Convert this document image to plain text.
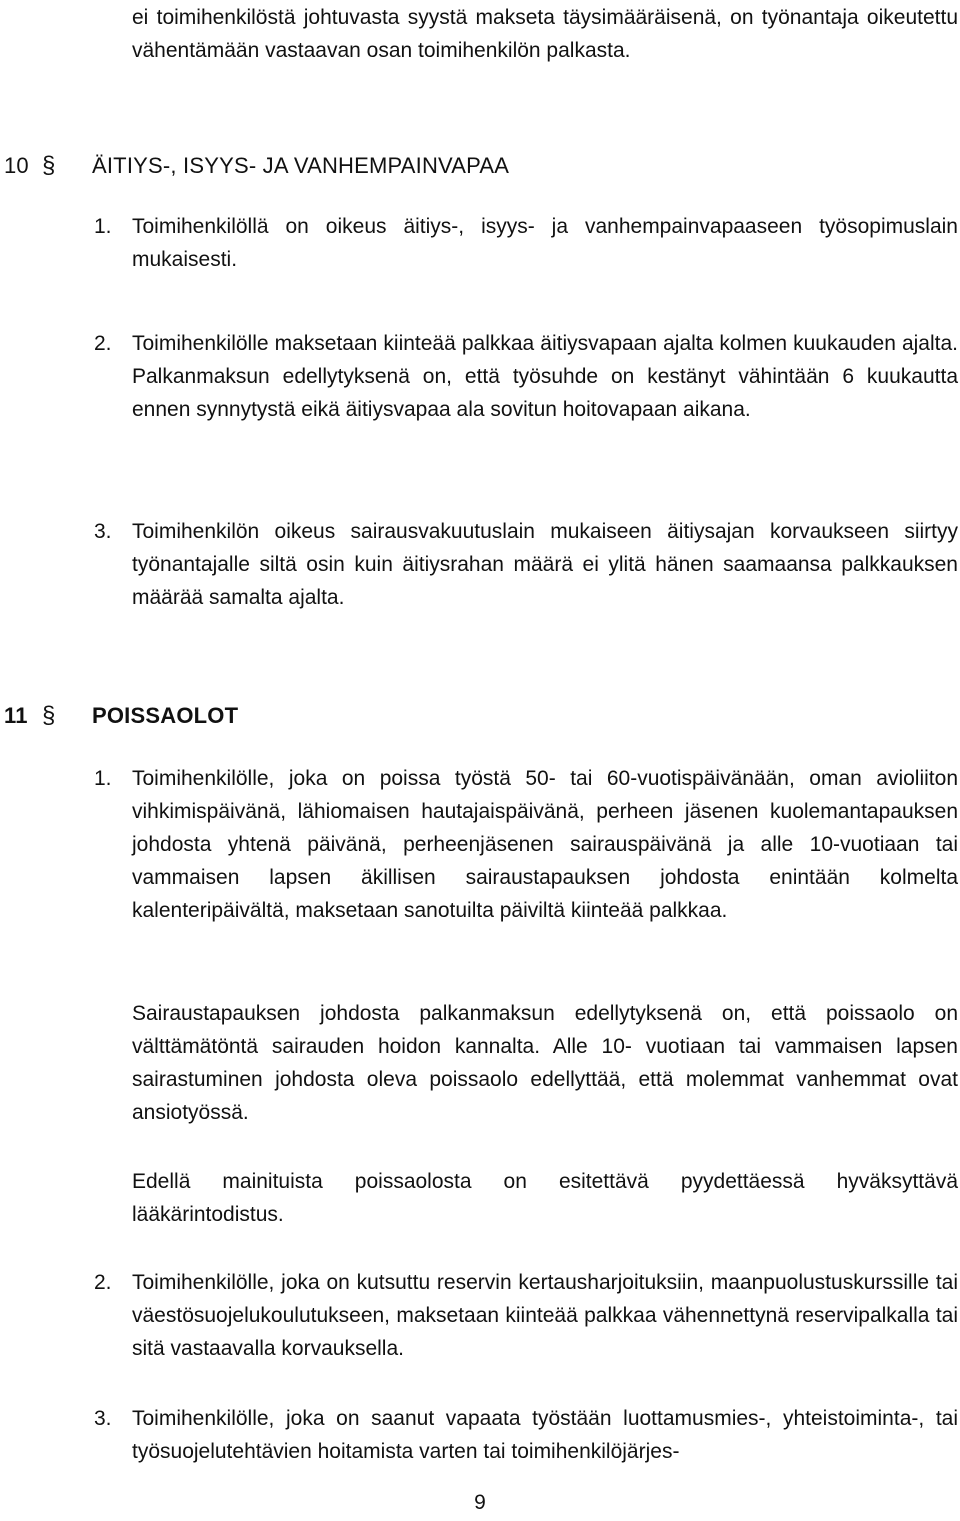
ei toimihenkilöstä johtuvasta syystä makseta täysimääräisenä, on työnantaja oikeutettu vähentämään vastaavan osan toimihenkilön palkasta.

10 § ÄITIYS-, ISYYS- JA VANHEMPAINVAPAA
1. Toimihenkilöllä on oikeus äitiys-, isyys- ja vanhempainvapaaseen työsopimuslain mukaisesti.

2. Toimihenkilölle maksetaan kiinteää palkkaa äitiysvapaan ajalta kolmen kuukauden ajalta. Palkanmaksun edellytyksenä on, että työsuhde on kestänyt vähintään 6 kuukautta ennen synnytystä eikä äitiysvapaa ala sovitun hoitovapaan aikana.

3. Toimihenkilön oikeus sairausvakuutuslain mukaiseen äitiysajan korvaukseen siirtyy työnantajalle siltä osin kuin äitiysrahan määrä ei ylitä hänen saamaansa palkkauksen määrää samalta ajalta.

11 § POISSAOLOT
1. Toimihenkilölle, joka on poissa työstä 50- tai 60-vuotispäivänään, oman avioliiton vihkimispäivänä, lähiomaisen hautajaispäivänä, perheen jäsenen kuolemantapauksen johdosta yhtenä päivänä, perheenjäsenen sairauspäivänä ja alle 10-vuotiaan tai vammaisen lapsen äkillisen sairaustapauksen johdosta enintään kolmelta kalenteripäivältä, maksetaan sanotuilta päiviltä kiinteää palkkaa.

Sairaustapauksen johdosta palkanmaksun edellytyksenä on, että poissaolo on välttämätöntä sairauden hoidon kannalta. Alle 10- vuotiaan tai vammaisen lapsen sairastuminen johdosta oleva poissaolo edellyttää, että molemmat vanhemmat ovat ansiotyössä.

Edellä mainituista poissaolosta on esitettävä pyydettäessä hyväksyttävä lääkärintodistus.

2. Toimihenkilölle, joka on kutsuttu reservin kertausharjoituksiin, maanpuolustuskurssille tai väestösuojelukoulutukseen, maksetaan kiinteää palkkaa vähennettynä reservipalkalla tai sitä vastaavalla korvauksella.

3. Toimihenkilölle, joka on saanut vapaata työstään luottamusmies-, yhteistoiminta-, tai työsuojelutehtävien hoitamista varten tai toimihenkilöjärjes-

9
